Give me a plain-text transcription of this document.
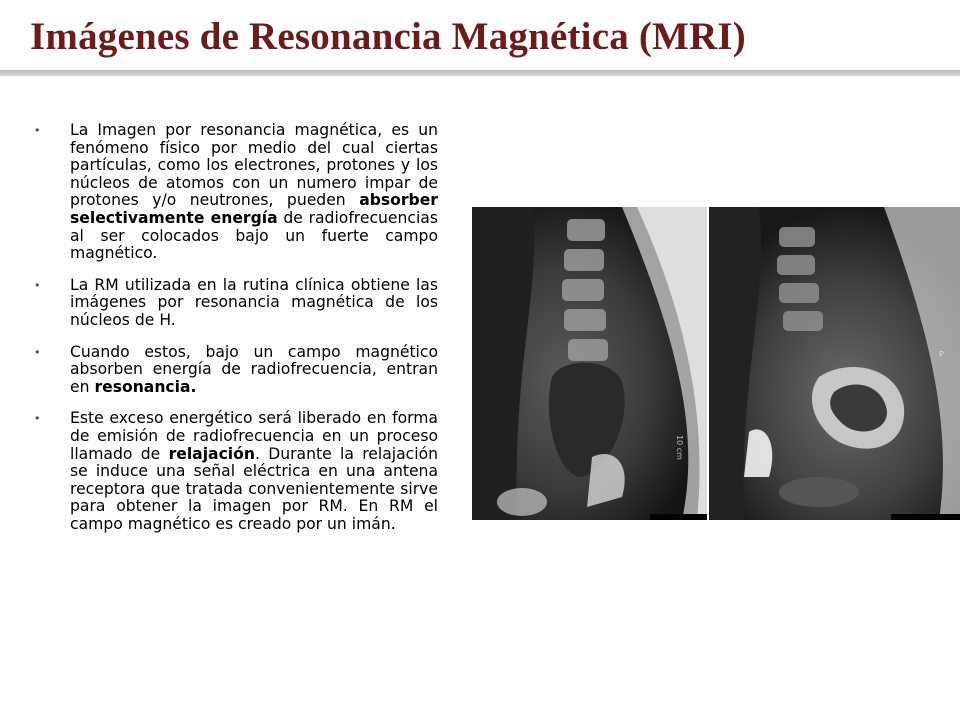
Imágenes de Resonancia Magnética (MRI)
• La Imagen por resonancia magnética, es un fenómeno físico por medio del cual ciertas partículas, como los electrones, protones y los núcleos de atomos con un numero impar de protones y/o neutrones, pueden absorber selectivamente energía de radiofrecuencias al ser colocados bajo un fuerte campo magnético.
• La RM utilizada en la rutina clínica obtiene las imágenes por resonancia magnética de los núcleos de H.
• Cuando estos, bajo un campo magnético absorben energía de radiofrecuencia, entran en resonancia.
• Este exceso energético será liberado en forma de emisión de radiofrecuencia en un proceso llamado de relajación. Durante la relajación se induce una señal eléctrica en una antena receptora que tratada convenientemente sirve para obtener la imagen por RM. En RM el campo magnético es creado por un imán.
10 cm
P	P
